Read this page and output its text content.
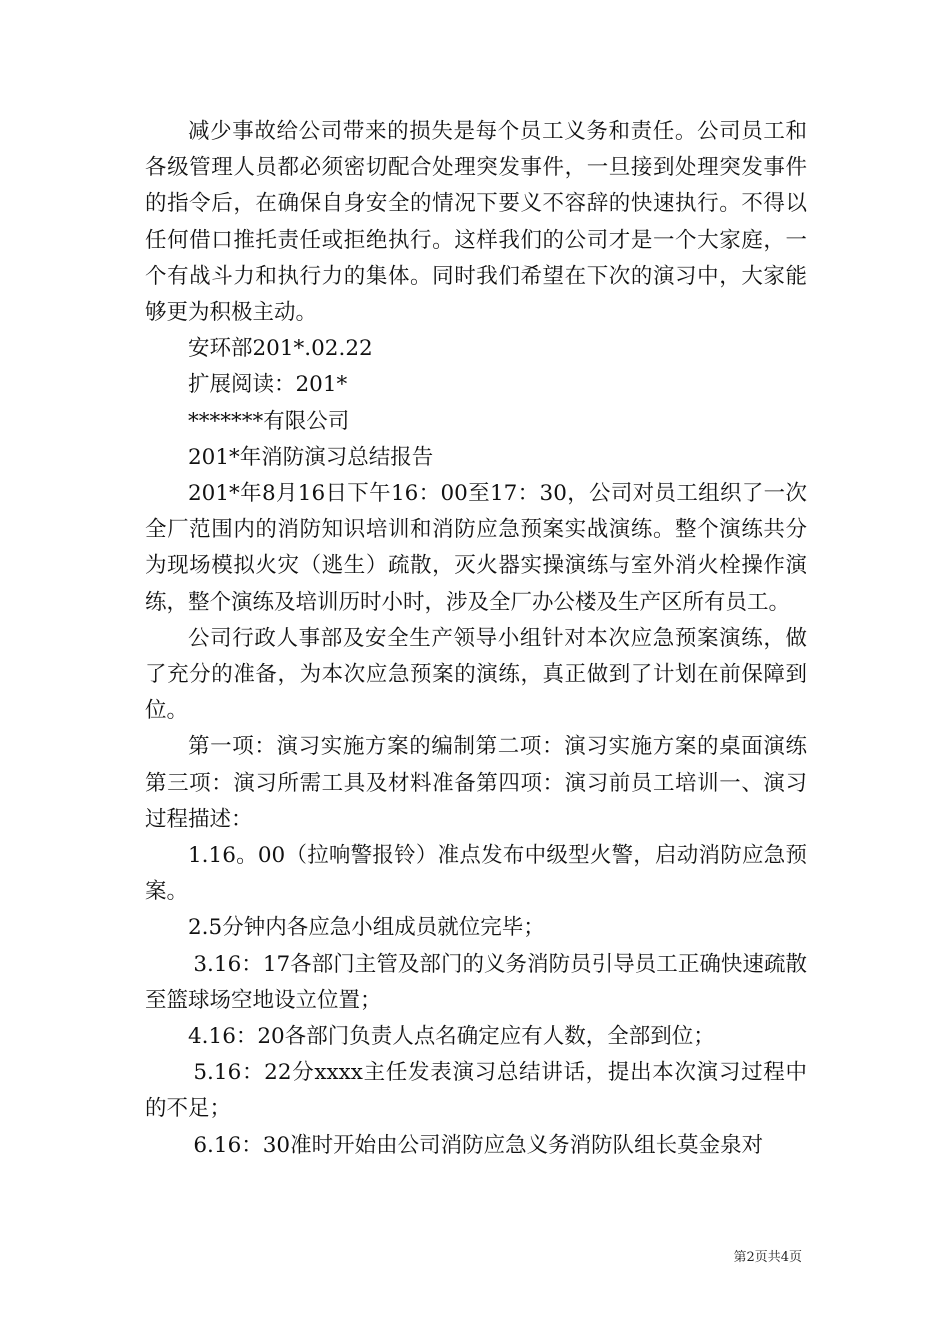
减少事故给公司带来的损失是每个员工义务和责任。公司员工和各级管理人员都必须密切配合处理突发事件，一旦接到处理突发事件的指令后，在确保自身安全的情况下要义不容辞的快速执行。不得以任何借口推托责任或拒绝执行。这样我们的公司才是一个大家庭，一个有战斗力和执行力的集体。同时我们希望在下次的演习中，大家能够更为积极主动。

安环部201*.02.22

扩展阅读：201*

*******有限公司

201*年消防演习总结报告

201*年8月16日下午16：00至17：30，公司对员工组织了一次全厂范围内的消防知识培训和消防应急预案实战演练。整个演练共分为现场模拟火灾（逃生）疏散，灭火器实操演练与室外消火栓操作演练，整个演练及培训历时小时，涉及全厂办公楼及生产区所有员工。

公司行政人事部及安全生产领导小组针对本次应急预案演练，做了充分的准备，为本次应急预案的演练，真正做到了计划在前保障到位。

第一项：演习实施方案的编制第二项：演习实施方案的桌面演练第三项：演习所需工具及材料准备第四项：演习前员工培训一、演习过程描述：

1.16。00（拉响警报铃）准点发布中级型火警，启动消防应急预案。

2.5分钟内各应急小组成员就位完毕；

3.16：17各部门主管及部门的义务消防员引导员工正确快速疏散至篮球场空地设立位置；

4.16：20各部门负责人点名确定应有人数，全部到位；

5.16：22分xxxx主任发表演习总结讲话，提出本次演习过程中的不足；

6.16：30准时开始由公司消防应急义务消防队组长莫金泉对

第2页共4页
